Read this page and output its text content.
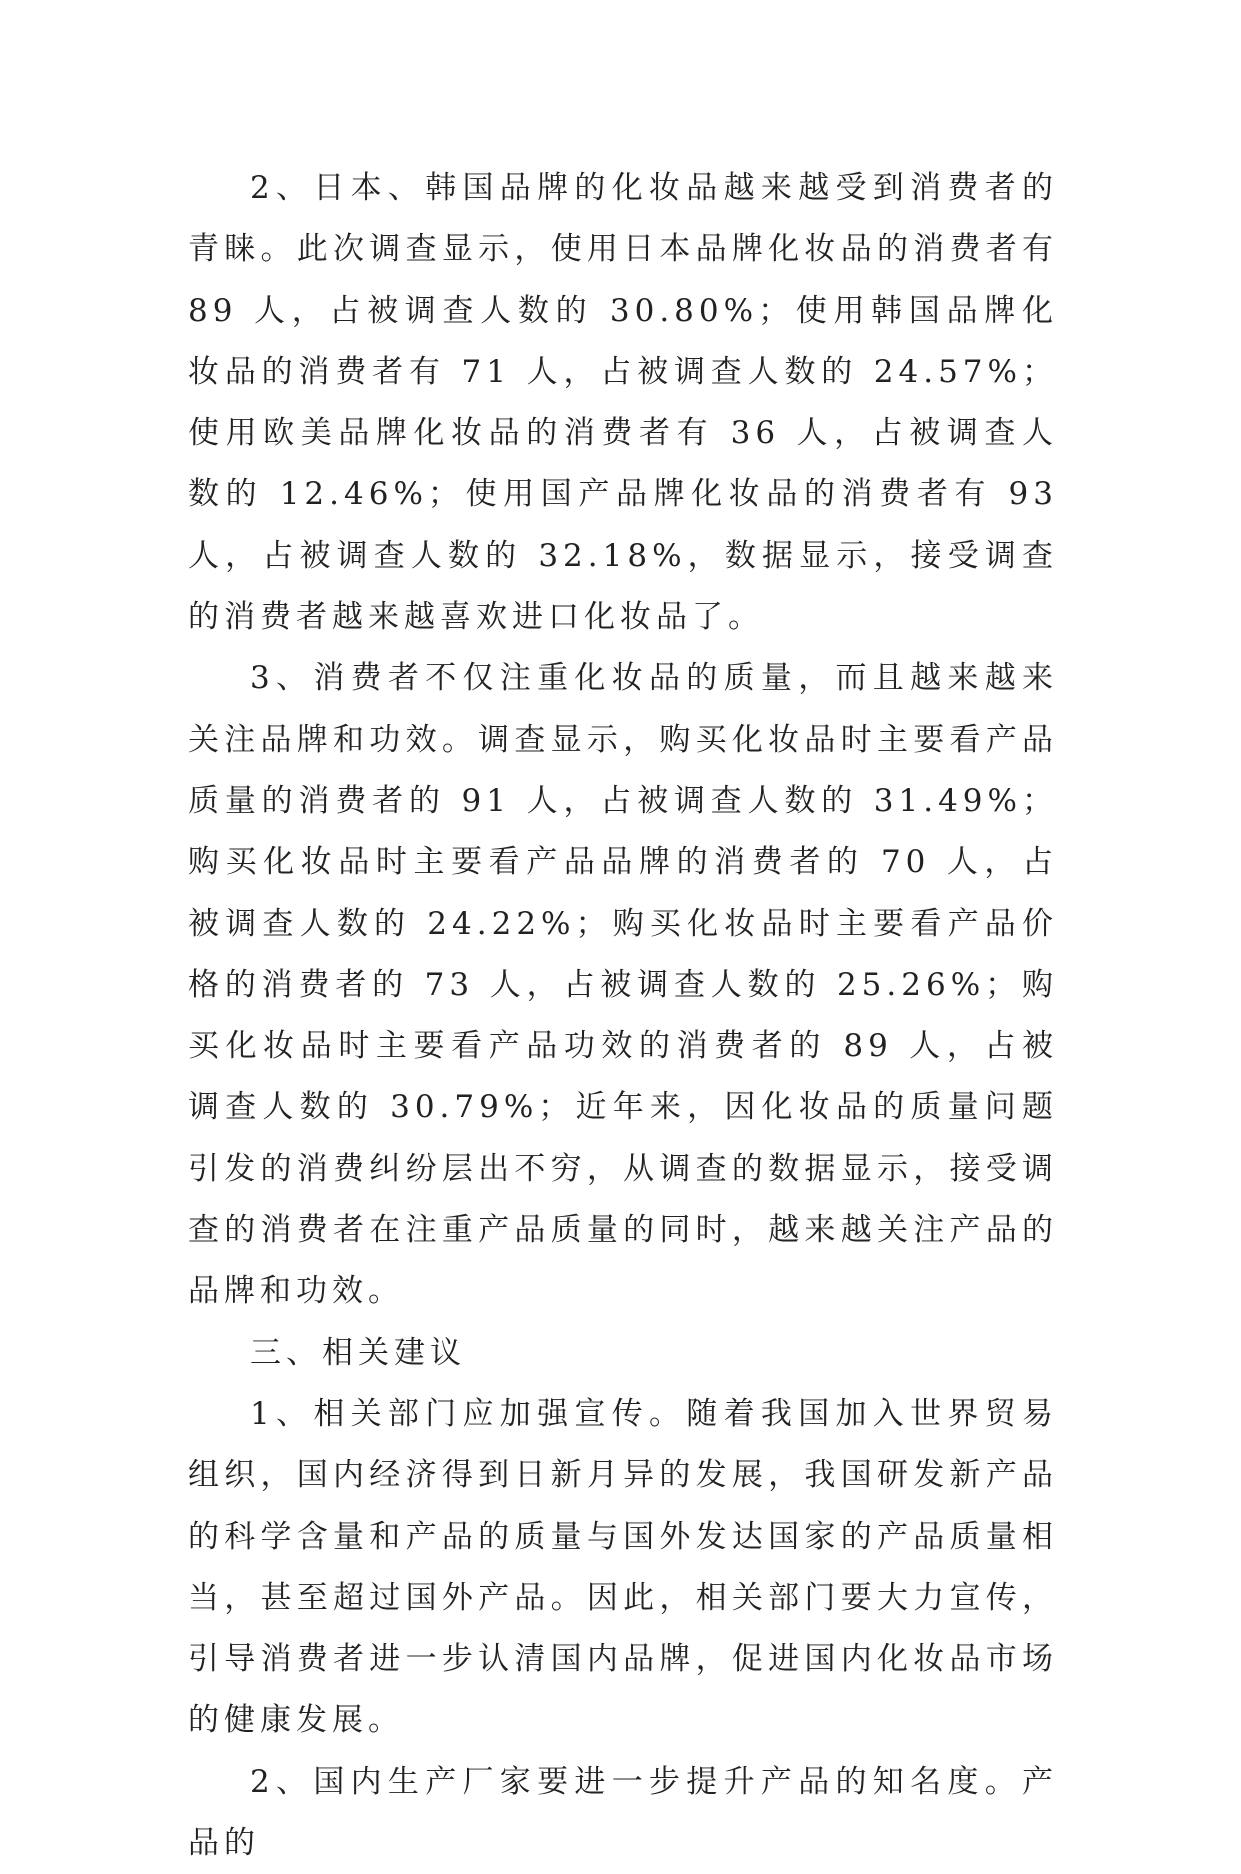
2、日本、韩国品牌的化妆品越来越受到消费者的青睐。此次调查显示，使用日本品牌化妆品的消费者有 89 人，占被调查人数的 30.80%；使用韩国品牌化妆品的消费者有 71 人，占被调查人数的 24.57%；使用欧美品牌化妆品的消费者有 36 人，占被调查人数的 12.46%；使用国产品牌化妆品的消费者有 93 人，占被调查人数的 32.18%，数据显示，接受调查的消费者越来越喜欢进口化妆品了。

3、消费者不仅注重化妆品的质量，而且越来越来关注品牌和功效。调查显示，购买化妆品时主要看产品质量的消费者的 91 人，占被调查人数的 31.49%；购买化妆品时主要看产品品牌的消费者的 70 人，占被调查人数的 24.22%；购买化妆品时主要看产品价格的消费者的 73 人，占被调查人数的 25.26%；购买化妆品时主要看产品功效的消费者的 89 人，占被调查人数的 30.79%；近年来，因化妆品的质量问题引发的消费纠纷层出不穷，从调查的数据显示，接受调查的消费者在注重产品质量的同时，越来越关注产品的品牌和功效。

三、相关建议

1、相关部门应加强宣传。随着我国加入世界贸易组织，国内经济得到日新月异的发展，我国研发新产品的科学含量和产品的质量与国外发达国家的产品质量相当，甚至超过国外产品。因此，相关部门要大力宣传，引导消费者进一步认清国内品牌，促进国内化妆品市场的健康发展。

2、国内生产厂家要进一步提升产品的知名度。产品的
